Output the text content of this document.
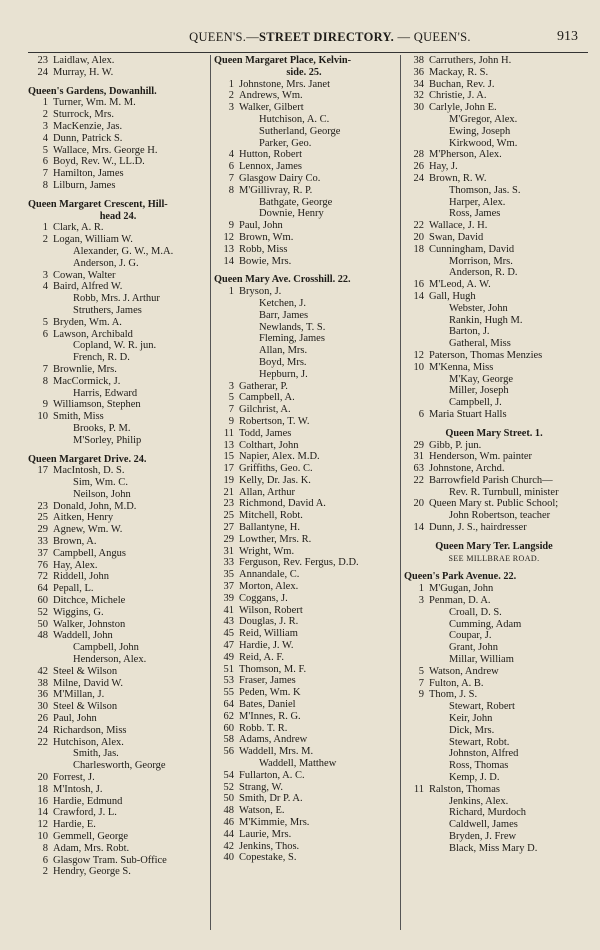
QUEEN'S.—STREET DIRECTORY. — QUEEN'S.	913
23 Laidlaw, Alex.
24 Murray, H. W.
Queen's Gardens, Dowanhill.
1 Turner, Wm. M. M.
2 Sturrock, Mrs.
3 MacKenzie, Jas.
4 Dunn, Patrick S.
5 Wallace, Mrs. George H.
6 Boyd, Rev. W., LL.D.
7 Hamilton, James
8 Lilburn, James
Queen Margaret Crescent, Hill-
head 24.
1 Clark, A. R.
2 Logan, William W.
Alexander, G. W., M.A.
Anderson, J. G.
3 Cowan, Walter
4 Baird, Alfred W.
Robb, Mrs. J. Arthur
Struthers, James
5 Bryden, Wm. A.
6 Lawson, Archibald
Copland, W. R. jun.
French, R. D.
7 Brownlie, Mrs.
8 MacCormick, J.
Harris, Edward
9 Williamson, Stephen
10 Smith, Miss
Brooks, P. M.
M'Sorley, Philip
Queen Margaret Drive. 24.
17 MacIntosh, D. S.
Sim, Wm. C.
Neilson, John
23 Donald, John, M.D.
25 Aitken, Henry
29 Agnew, Wm. W.
33 Brown, A.
37 Campbell, Angus
76 Hay, Alex.
72 Riddell, John
64 Pepall, L.
60 Ditchce, Michele
52 Wiggins, G.
50 Walker, Johnston
48 Waddell, John
Campbell, John
Henderson, Alex.
42 Steel & Wilson
38 Milne, David W.
36 M'Millan, J.
30 Steel & Wilson
26 Paul, John
24 Richardson, Miss
22 Hutchison, Alex.
Smith, Jas.
Charlesworth, George
20 Forrest, J.
18 M'Intosh, J.
16 Hardie, Edmund
14 Crawford, J. L.
12 Hardie, E.
10 Gemmell, George
8 Adam, Mrs. Robt.
6 Glasgow Tram. Sub-Office
2 Hendry, George S.
Queen Margaret Place, Kelvin-
side. 25.
1 Johnstone, Mrs. Janet
2 Andrews, Wm.
3 Walker, Gilbert
Hutchison, A. C.
Sutherland, George
Parker, Geo.
4 Hutton, Robert
6 Lennox, James
7 Glasgow Dairy Co.
8 M'Gillivray, R. P.
Bathgate, George
Downie, Henry
9 Paul, John
12 Brown, Wm.
13 Robb, Miss
14 Bowie, Mrs.
Queen Mary Ave. Crosshill. 22.
1 Bryson, J.
Ketchen, J.
Barr, James
Newlands, T. S.
Fleming, James
Allan, Mrs.
Boyd, Mrs.
Hepburn, J.
3 Gatherar, P.
5 Campbell, A.
7 Gilchrist, A.
9 Robertson, T. W.
11 Todd, James
13 Colthart, John
15 Napier, Alex. M.D.
17 Griffiths, Geo. C.
19 Kelly, Dr. Jas. K.
21 Allan, Arthur
23 Richmond, David A.
25 Mitchell, Robt.
27 Ballantyne, H.
29 Lowther, Mrs. R.
31 Wright, Wm.
33 Ferguson, Rev. Fergus, D.D.
35 Annandale, C.
37 Morton, Alex.
39 Coggans, J.
41 Wilson, Robert
43 Douglas, J. R.
45 Reid, William
47 Hardie, J. W.
49 Reid, A. F.
51 Thomson, M. F.
53 Fraser, James
55 Peden, Wm. K
64 Bates, Daniel
62 M'Innes, R. G.
60 Robb. T. R.
58 Adams, Andrew
56 Waddell, Mrs. M.
Waddell, Matthew
54 Fullarton, A. C.
52 Strang, W.
50 Smith, Dr P. A.
48 Watson, E.
46 M'Kimmie, Mrs.
44 Laurie, Mrs.
42 Jenkins, Thos.
40 Copestake, S.
38 Carruthers, John H.
36 Mackay, R. S.
34 Buchan, Rev. J.
32 Christie, J. A.
30 Carlyle, John E.
M'Gregor, Alex.
Ewing, Joseph
Kirkwood, Wm.
28 M'Pherson, Alex.
26 Hay, J.
24 Brown, R. W.
Thomson, Jas. S.
Harper, Alex.
Ross, James
22 Wallace, J. H.
20 Swan, David
18 Cunningham, David
Morrison, Mrs.
Anderson, R. D.
16 M'Leod, A. W.
14 Gall, Hugh
Webster, John
Rankin, Hugh M.
Barton, J.
Gatheral, Miss
12 Paterson, Thomas Menzies
10 M'Kenna, Miss
M'Kay, George
Miller, Joseph
Campbell, J.
6 Maria Stuart Halls
Queen Mary Street. 1.
29 Gibb, P. jun.
31 Henderson, Wm. painter
63 Johnstone, Archd.
22 Barrowfield Parish Church—
Rev. R. Turnbull, minister
20 Queen Mary st. Public School;
John Robertson, teacher
14 Dunn, J. S., hairdresser
Queen Mary Ter. Langside
SEE MILLBRAE ROAD.
Queen's Park Avenue. 22.
1 M'Gugan, John
3 Penman, D. A.
Croall, D. S.
Cumming, Adam
Coupar, J.
Grant, John
Millar, William
5 Watson, Andrew
7 Fulton, A. B.
9 Thom, J. S.
Stewart, Robert
Keir, John
Dick, Mrs.
Stewart, Robt.
Johnston, Alfred
Ross, Thomas
Kemp, J. D.
11 Ralston, Thomas
Jenkins, Alex.
Richard, Murdoch
Caldwell, James
Bryden, J. Frew
Black, Miss Mary D.
